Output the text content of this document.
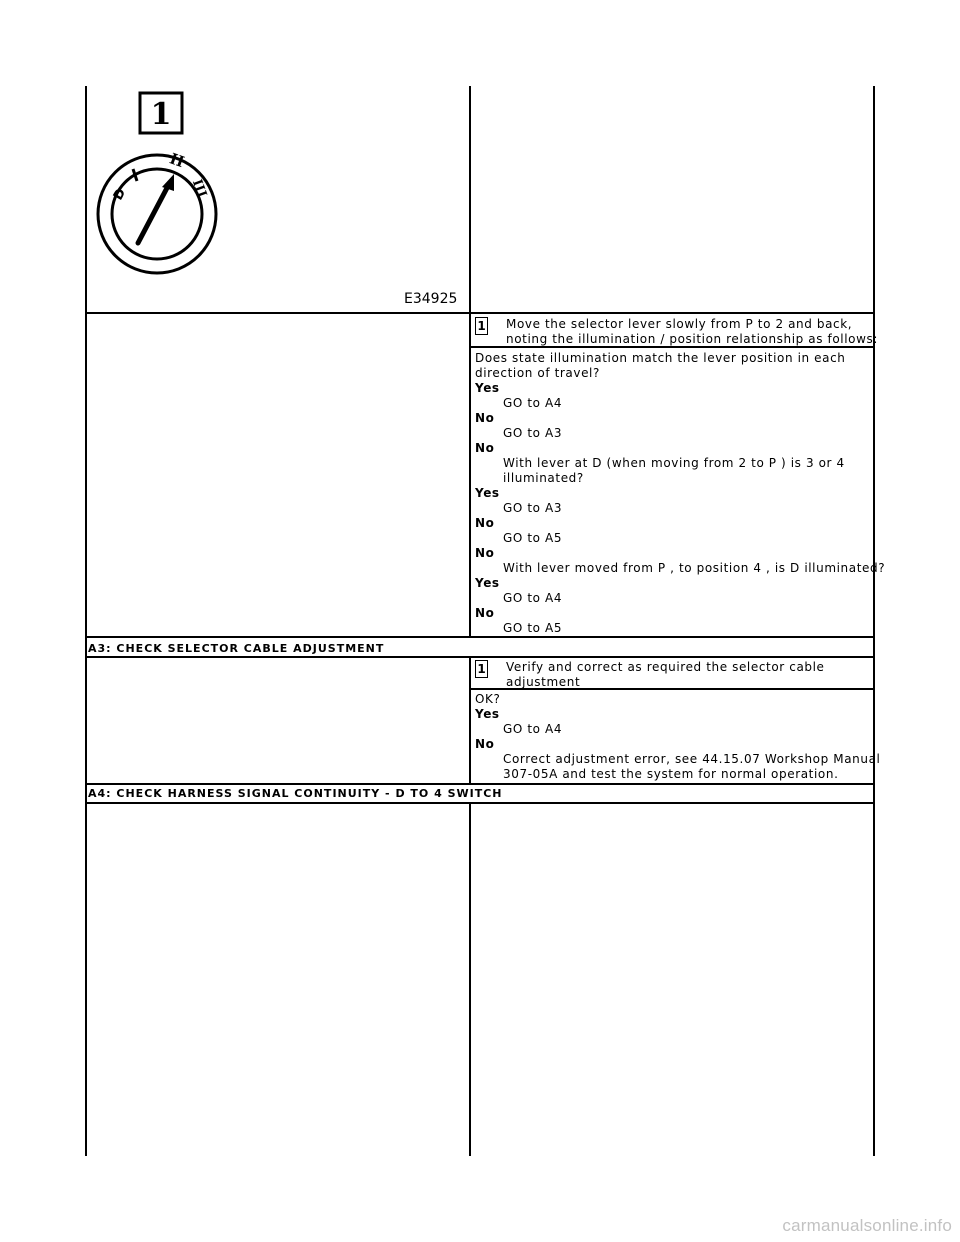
1
D
II
III
E34925
1 Move the selector lever slowly from P to 2 and back,
noting the illumination / position relationship as follows:
Does state illumination match the lever position in each
direction of travel?
Yes
GO to A4
No
GO to A3
No
With lever at D (when moving from 2 to P ) is 3 or 4
illuminated?
Yes
GO to A3
No
GO to A5
No
With lever moved from P , to position 4 , is D illuminated?
Yes
GO to A4
No
GO to A5
A3: CHECK SELECTOR CABLE ADJUSTMENT
1 Verify and correct as required the selector cable
adjustment
OK?
Yes
GO to A4
No
Correct adjustment error, see 44.15.07 Workshop Manual
307-05A and test the system for normal operation.
A4: CHECK HARNESS SIGNAL CONTINUITY - D TO 4 SWITCH
carmanualsonline.info
